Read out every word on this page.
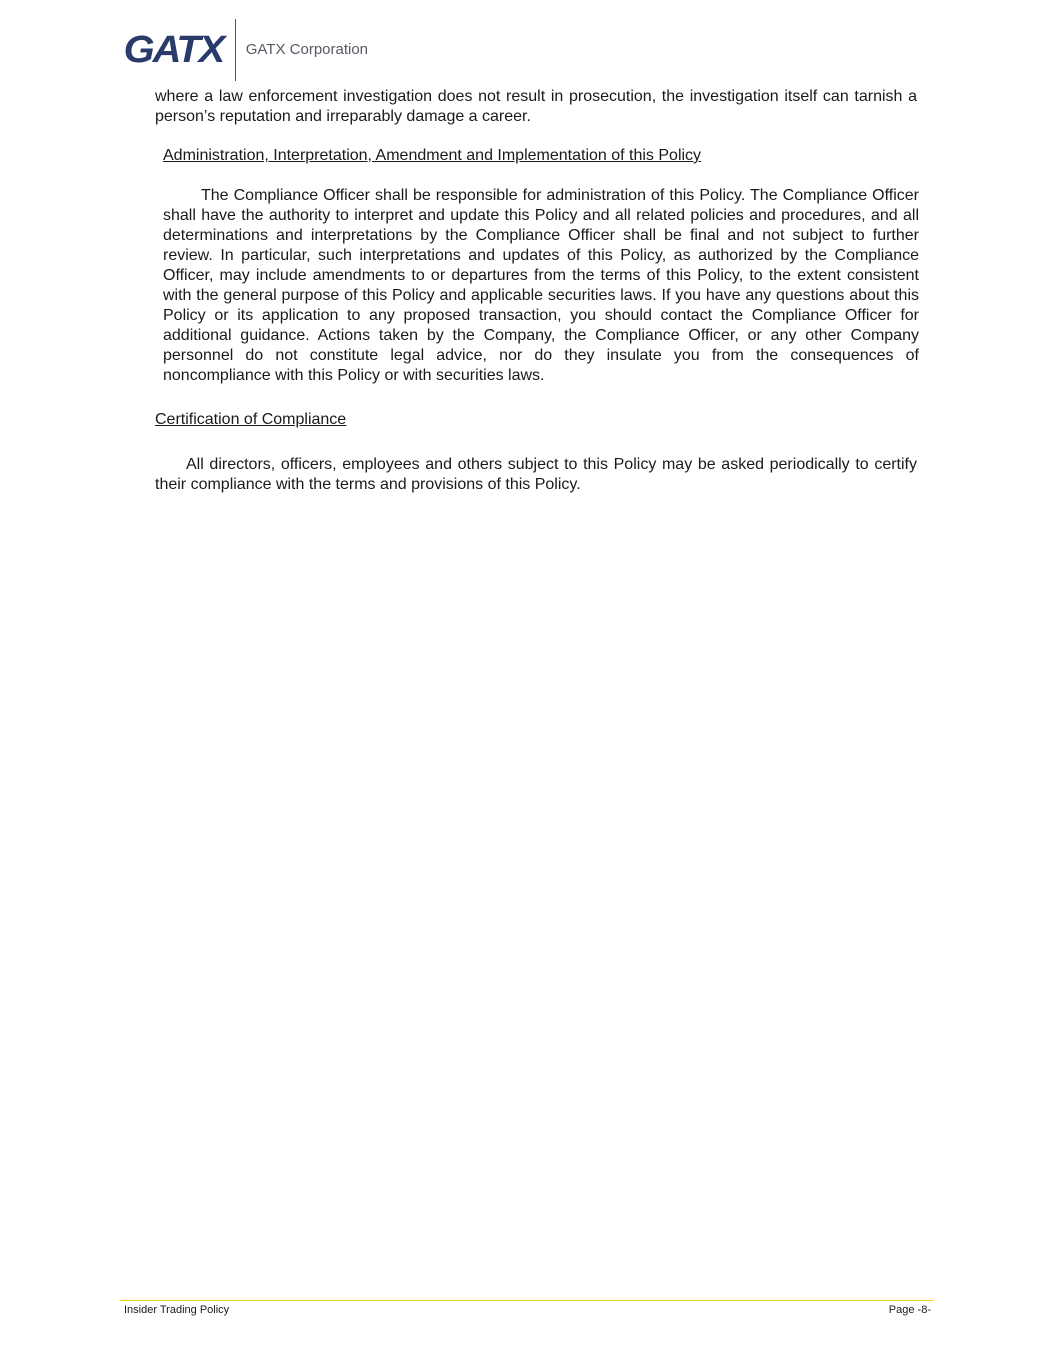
GATX GATX Corporation
where a law enforcement investigation does not result in prosecution, the investigation itself can tarnish a person’s reputation and irreparably damage a career.
Administration, Interpretation, Amendment and Implementation of this Policy
The Compliance Officer shall be responsible for administration of this Policy. The Compliance Officer shall have the authority to interpret and update this Policy and all related policies and procedures, and all determinations and interpretations by the Compliance Officer shall be final and not subject to further review. In particular, such interpretations and updates of this Policy, as authorized by the Compliance Officer, may include amendments to or departures from the terms of this Policy, to the extent consistent with the general purpose of this Policy and applicable securities laws. If you have any questions about this Policy or its application to any proposed transaction, you should contact the Compliance Officer for additional guidance. Actions taken by the Company, the Compliance Officer, or any other Company personnel do not constitute legal advice, nor do they insulate you from the consequences of noncompliance with this Policy or with securities laws.
Certification of Compliance
All directors, officers, employees and others subject to this Policy may be asked periodically to certify their compliance with the terms and provisions of this Policy.
Insider Trading Policy	Page -8-
